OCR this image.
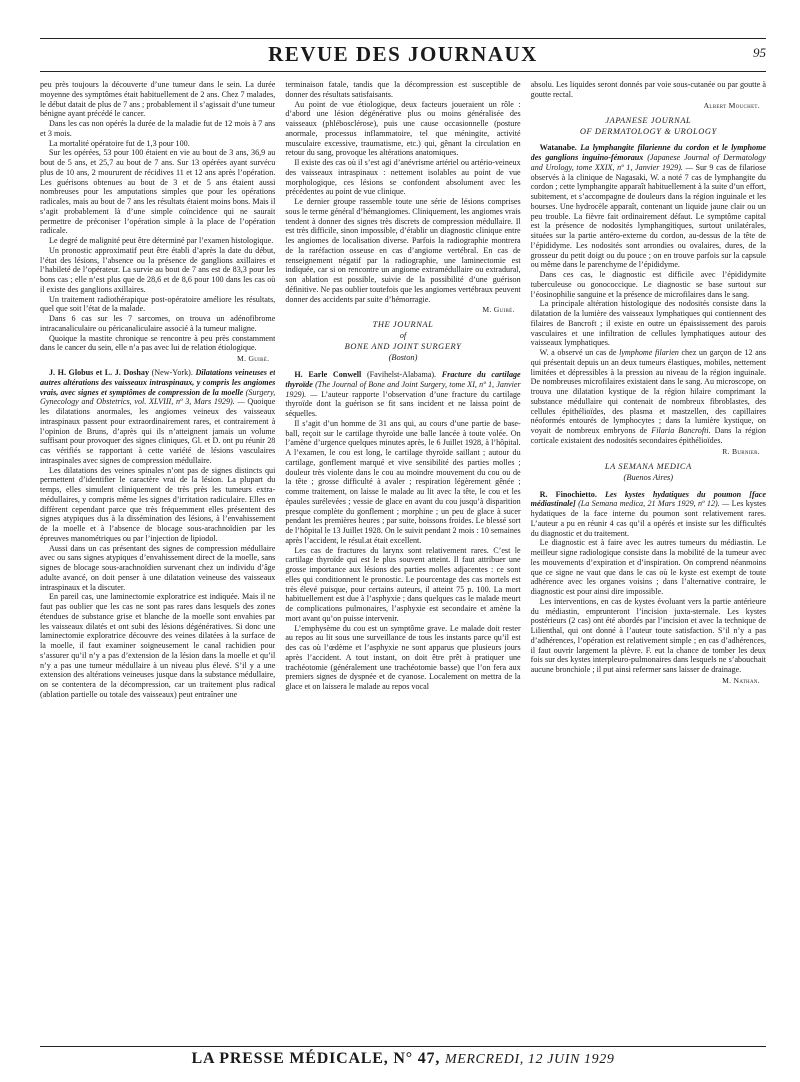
REVUE DES JOURNAUX	95

peu près toujours la découverte d’une tumeur dans le sein. La durée moyenne des symptômes était habituellement de 2 ans. Chez 7 malades, le début datait de plus de 7 ans ; probablement il s’agissait d’une tumeur bénigne ayant précédé le cancer.

Dans les cas non opérés la durée de la maladie fut de 12 mois à 7 ans et 3 mois.

La mortalité opératoire fut de 1,3 pour 100.

Sur les opérées, 53 pour 100 étaient en vie au bout de 3 ans, 36,9 au bout de 5 ans, et 25,7 au bout de 7 ans. Sur 13 opérées ayant survécu plus de 10 ans, 2 moururent de récidives 11 et 12 ans après l’opération. Les guérisons obtenues au bout de 3 et de 5 ans étaient aussi nombreuses pour les amputations simples que pour les opérations radicales, mais au bout de 7 ans les résultats étaient moins bons. Mais il s’agit probablement là d’une simple coïncidence qui ne saurait permettre de préconiser l’opération simple à la place de l’opération radicale.

Le degré de malignité peut être déterminé par l’examen histologique.

Un pronostic approximatif peut être établi d’après la date du début, l’état des lésions, l’absence ou la présence de ganglions axillaires et l’habileté de l’opérateur. La survie au bout de 7 ans est de 83,3 pour les bons cas ; elle n’est plus que de 28,6 et de 8,6 pour 100 dans les cas où il existe des ganglions axillaires.

Un traitement radiothérapique post-opératoire améliore les résultats, quel que soit l’état de la malade.

Dans 6 cas sur les 7 sarcomes, on trouva un adénofibrome intracanaliculaire ou péricanaliculaire associé à la tumeur maligne.

Quoique la mastite chronique se rencontre à peu près constamment dans le cancer du sein, elle n’a pas avec lui de relation étiologique.

M. Guibé.

J. H. Globus et L. J. Doshay (New-York). Dilatations veineuses et autres altérations des vaisseaux intraspinaux, y compris les angiomes vrais, avec signes et symptômes de compression de la moelle (Surgery, Gynecology and Obstetrics, vol. XLVIII, nº 3, Mars 1929). — Quoique les dilatations anormales, les angiomes veineux des vaisseaux intraspinaux passent pour extraordinairement rares, et contrairement à l’opinion de Bruns, d’après qui ils n’atteignent jamais un volume suffisant pour provoquer des signes cliniques, Gl. et D. ont pu réunir 28 cas vérifiés se rapportant à cette variété de lésions vasculaires intraspinales avec signes de compression médullaire.

Les dilatations des veines spinales n’ont pas de signes distincts qui permettent d’identifier le caractère vrai de la lésion. La plupart du temps, elles simulent cliniquement de très près les tumeurs extra-médullaires, y compris même les signes d’irritation radiculaire. Elles en diffèrent cependant parce que très fréquemment elles présentent des signes atypiques dus à la dissémination des lésions, à l’envahissement de la moelle et à l’absence de blocage sous-arachnoïdien par les épreuves manométriques ou par l’injection de lipiodol.

Aussi dans un cas présentant des signes de compression médullaire avec ou sans signes atypiques d’envahissement direct de la moelle, sans signes de blocage sous-arachnoïdien survenant chez un individu d’âge adulte avancé, on doit penser à une dilatation veineuse des vaisseaux intraspinaux et la discuter.

En pareil cas, une laminectomie exploratrice est indiquée. Mais il ne faut pas oublier que les cas ne sont pas rares dans lesquels des zones étendues de substance grise et blanche de la moelle sont envahies par les vaisseaux dilatés et ont subi des lésions dégénératives. Si donc une laminectomie exploratrice découvre des veines dilatées à la surface de la moelle, il faut examiner soigneusement le canal rachidien pour s’assurer qu’il n’y a pas d’extension de la lésion dans la moelle et qu’il n’y a pas une tumeur médullaire à un niveau plus élevé. S’il y a une extension des altérations veineuses jusque dans la substance médullaire, on se contentera de la décompression, car un traitement plus radical (ablation partielle ou totale des vaisseaux) peut entraîner une

terminaison fatale, tandis que la décompression est susceptible de donner des résultats satisfaisants.

Au point de vue étiologique, deux facteurs joueraient un rôle : d’abord une lésion dégénérative plus ou moins généralisée des vaisseaux (phlébosclérose), puis une cause occasionnelle (posture anormale, processus inflammatoire, tel que méningite, activité musculaire excessive, traumatisme, etc.) qui, gênant la circulation en retour du sang, provoque les altérations anatomiques.

Il existe des cas où il s’est agi d’anévrisme artériel ou artério-veineux des vaisseaux intraspinaux : nettement isolables au point de vue morphologique, ces lésions se confondent absolument avec les précédentes au point de vue clinique.

Le dernier groupe rassemble toute une série de lésions comprises sous le terme général d’hémangiomes. Cliniquement, les angiomes vrais tendent à donner des signes très discrets de compression médullaire. Il est très difficile, sinon impossible, d’établir un diagnostic clinique entre les angiomes de localisation diverse. Parfois la radiographie montrera de la raréfaction osseuse en cas d’angiome vertébral. En cas de renseignement négatif par la radiographie, une laminectomie est indiquée, car si on rencontre un angiome extramédullaire ou extradural, son ablation est possible, suivie de la possibilité d’une guérison définitive. Ne pas oublier toutefois que les angiomes vertébraux peuvent donner des accidents par suite d’hémorragie.

M. Guibé.
THE JOURNAL
of
BONE AND JOINT SURGERY
(Boston)

H. Earle Conwell (Favihelst-Alabama). Fracture du cartilage thyroïde (The Journal of Bone and Joint Surgery, tome XI, nº 1, Janvier 1929). — L’auteur rapporte l’observation d’une fracture du cartilage thyroïde dont la guérison se fit sans incident et ne laissa point de séquelles.

Il s’agit d’un homme de 31 ans qui, au cours d’une partie de base-ball, reçoit sur le cartilage thyroïde une balle lancée à toute volée. On l’amène d’urgence quelques minutes après, le 6 Juillet 1928, à l’hôpital. A l’examen, le cou est long, le cartilage thyroïde saillant ; autour du cartilage, gonflement marqué et vive sensibilité des parties molles ; douleur très violente dans le cou au moindre mouvement du cou ou de la tête ; grosse difficulté à avaler ; respiration légèrement gênée ; comme traitement, on laisse le malade au lit avec la tête, le cou et les épaules surélevées ; vessie de glace en avant du cou jusqu’à disparition presque complète du gonflement ; morphine ; un peu de glace à sucer pendant les premières heures ; par suite, boissons froides. Le blessé sort de l’hôpital le 13 Juillet 1928. On le suivit pendant 2 mois : 10 semaines après l’accident, le résul.at était excellent.

Les cas de fractures du larynx sont relativement rares. C’est le cartilage thyroïde qui est le plus souvent atteint. Il faut attribuer une grosse importance aux lésions des parties molles adjacentes : ce sont elles qui conditionnent le pronostic. Le pourcentage des cas mortels est très élevé puisque, pour certains auteurs, il atteint 75 p. 100. La mort habituellement est due à l’asphyxie ; dans quelques cas le malade meurt de complications pulmonaires, l’asphyxie est secondaire et amène la mort avant qu’on puisse intervenir.

L’emphysème du cou est un symptôme grave. Le malade doit rester au repos au lit sous une surveillance de tous les instants parce qu’il est des cas où l’œdème et l’asphyxie ne sont apparus que plusieurs jours après l’accident. A tout instant, on doit être prêt à pratiquer une trachéotomie (généralement une trachéotomie basse) que l’on fera aux premiers signes de dyspnée et de cyanose. Localement on mettra de la glace et on laissera le malade au repos vocal

absolu. Les liquides seront donnés par voie sous-cutanée ou par goutte à goutte rectal.

Albert Mouchet.
JAPANESE JOURNAL
OF DERMATOLOGY & UROLOGY

Watanabe. La lymphangite filarienne du cordon et le lymphome des ganglions inguino-fémoraux (Japanese Journal of Dermatology and Urology, tome XXIX, nº 1, Janvier 1929). — Sur 9 cas de filariose observés à la clinique de Nagasaki, W. a noté 7 cas de lymphangite du cordon ; cette lymphangite apparaît habituellement à la suite d’un effort, subitement, et s’accompagne de douleurs dans la région inguinale et les bourses. Une hydrocèle apparaît, contenant un liquide jaune clair ou un peu trouble. La fièvre fait ordinairement défaut. Le symptôme capital est la présence de nodosités lymphangitiques, surtout unilatérales, situées sur la partie antéro-externe du cordon, au-dessus de la tête de l’épididyme. Les nodosités sont arrondies ou ovalaires, dures, de la grosseur du petit doigt ou du pouce ; on en trouve parfois sur la capsule ou même dans le parenchyme de l’épididyme.

Dans ces cas, le diagnostic est difficile avec l’épididymite tuberculeuse ou gonococcique. Le diagnostic se base surtout sur l’éosinophilie sanguine et la présence de microfilaires dans le sang.

La principale altération histologique des nodosités consiste dans la dilatation de la lumière des vaisseaux lymphatiques qui contiennent des filaires de Bancroft ; il existe en outre un épaississement des parois vasculaires et une infiltration de cellules lymphatiques autour des vaisseaux lymphatiques.

W. a observé un cas de lymphome filarien chez un garçon de 12 ans qui présentait depuis un an deux tumeurs élastiques, mobiles, nettement limitées et dépressibles à la pression au niveau de la région inguinale. De nombreuses microfilaires existaient dans le sang. Au microscope, on trouva une dilatation kystique de la région hilaire comprimant la substance médullaire qui contenait de nombreux fibroblastes, des cellules épithélioïdes, des plasma et mastzellen, des capillaires néoformés entourés de lymphocytes ; dans la lumière kystique, on voyait de nombreux embryons de Filaria Bancrofti. Dans la région corticale existaient des nodosités secondaires épithélioïdes.

R. Burnier.
LA SEMANA MEDICA
(Buenos Aires)

R. Finochietto. Les kystes hydatiques du poumon [face médiastinale] (La Semana medica, 21 Mars 1929, nº 12). — Les kystes hydatiques de la face interne du poumon sont relativement rares. L’auteur a pu en réunir 4 cas qu’il a opérés et insiste sur les difficultés du diagnostic et du traitement.

Le diagnostic est à faire avec les autres tumeurs du médiastin. Le meilleur signe radiologique consiste dans la mobilité de la tumeur avec les mouvements d’expiration et d’inspiration. On comprend néanmoins que ce signe ne vaut que dans le cas où le kyste est exempt de toute adhérence avec les organes voisins ; dans l’alternative contraire, le diagnostic est pour ainsi dire impossible.

Les interventions, en cas de kystes évoluant vers la partie antérieure du médiastin, emprunteront l’incision juxta-sternale. Les kystes postérieurs (2 cas) ont été abordés par l’incision et avec la technique de Lilienthal, qui ont donné à l’auteur toute satisfaction. S’il n’y a pas d’adhérences, l’opération est relativement simple ; en cas d’adhérences, il faut ouvrir largement la plèvre. F. eut la chance de tomber les deux fois sur des kystes interpleuro-pulmonaires dans lesquels ne s’abouchait aucune bronchiole ; il put ainsi refermer sans laisser de drainage.

M. Nathan.
LA PRESSE MÉDICALE, N° 47, MERCREDI, 12 JUIN 1929
